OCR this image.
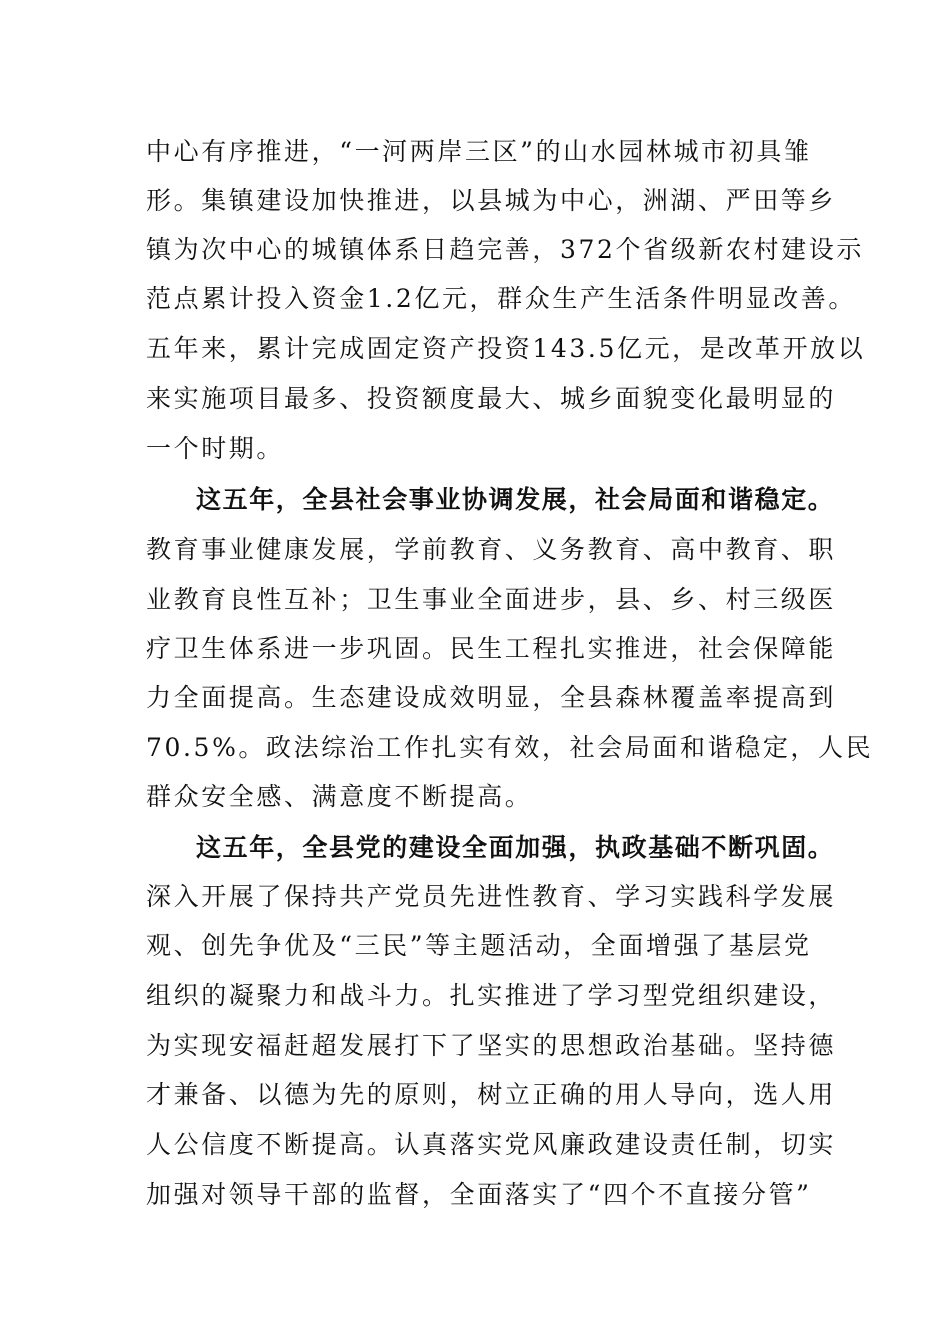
中心有序推进，“一河两岸三区”的山水园林城市初具雏
形。集镇建设加快推进，以县城为中心，洲湖、严田等乡
镇为次中心的城镇体系日趋完善，372个省级新农村建设示
范点累计投入资金1.2亿元，群众生产生活条件明显改善。
五年来，累计完成固定资产投资143.5亿元，是改革开放以
来实施项目最多、投资额度最大、城乡面貌变化最明显的
一个时期。
这五年，全县社会事业协调发展，社会局面和谐稳定。
教育事业健康发展，学前教育、义务教育、高中教育、职
业教育良性互补；卫生事业全面进步，县、乡、村三级医
疗卫生体系进一步巩固。民生工程扎实推进，社会保障能
力全面提高。生态建设成效明显，全县森林覆盖率提高到
70.5%。政法综治工作扎实有效，社会局面和谐稳定，人民
群众安全感、满意度不断提高。
这五年，全县党的建设全面加强，执政基础不断巩固。
深入开展了保持共产党员先进性教育、学习实践科学发展
观、创先争优及“三民”等主题活动，全面增强了基层党
组织的凝聚力和战斗力。扎实推进了学习型党组织建设，
为实现安福赶超发展打下了坚实的思想政治基础。坚持德
才兼备、以德为先的原则，树立正确的用人导向，选人用
人公信度不断提高。认真落实党风廉政建设责任制，切实
加强对领导干部的监督，全面落实了“四个不直接分管”
